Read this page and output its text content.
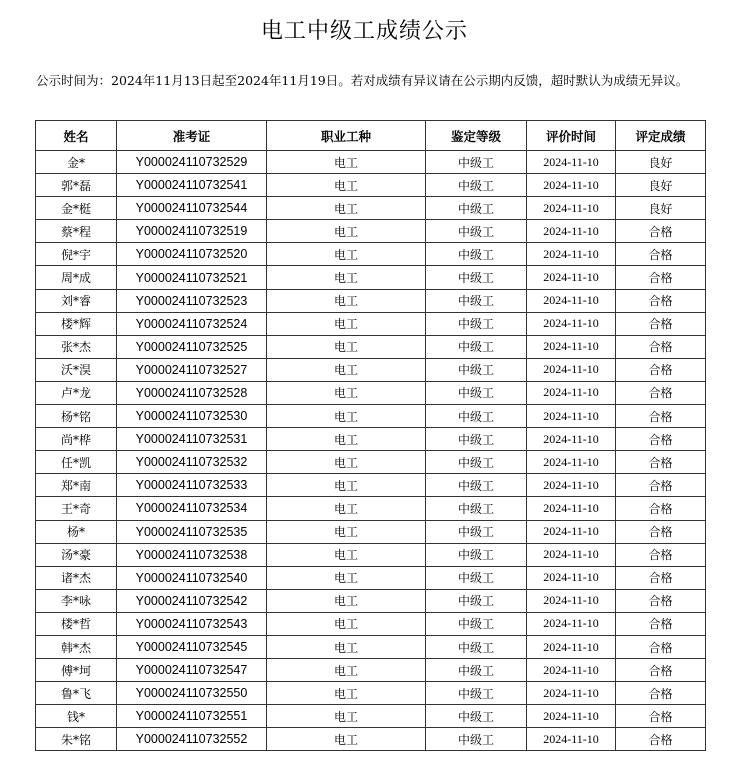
电工中级工成绩公示
公示时间为：2024年11月13日起至2024年11月19日。若对成绩有异议请在公示期内反馈，超时默认为成绩无异议。
姓名	准考证	职业工种	鉴定等级	评价时间	评定成绩
金*	Y000024110732529	电工	中级工	2024-11-10	良好
郭*磊	Y000024110732541	电工	中级工	2024-11-10	良好
金*梃	Y000024110732544	电工	中级工	2024-11-10	良好
蔡*程	Y000024110732519	电工	中级工	2024-11-10	合格
倪*宇	Y000024110732520	电工	中级工	2024-11-10	合格
周*成	Y000024110732521	电工	中级工	2024-11-10	合格
刘*睿	Y000024110732523	电工	中级工	2024-11-10	合格
楼*辉	Y000024110732524	电工	中级工	2024-11-10	合格
张*杰	Y000024110732525	电工	中级工	2024-11-10	合格
沃*淏	Y000024110732527	电工	中级工	2024-11-10	合格
卢*龙	Y000024110732528	电工	中级工	2024-11-10	合格
杨*铭	Y000024110732530	电工	中级工	2024-11-10	合格
尚*桦	Y000024110732531	电工	中级工	2024-11-10	合格
任*凯	Y000024110732532	电工	中级工	2024-11-10	合格
郑*南	Y000024110732533	电工	中级工	2024-11-10	合格
王*奇	Y000024110732534	电工	中级工	2024-11-10	合格
杨*	Y000024110732535	电工	中级工	2024-11-10	合格
汤*豪	Y000024110732538	电工	中级工	2024-11-10	合格
诸*杰	Y000024110732540	电工	中级工	2024-11-10	合格
李*咏	Y000024110732542	电工	中级工	2024-11-10	合格
楼*哲	Y000024110732543	电工	中级工	2024-11-10	合格
韩*杰	Y000024110732545	电工	中级工	2024-11-10	合格
傅*坷	Y000024110732547	电工	中级工	2024-11-10	合格
鲁*飞	Y000024110732550	电工	中级工	2024-11-10	合格
钱*	Y000024110732551	电工	中级工	2024-11-10	合格
朱*铭	Y000024110732552	电工	中级工	2024-11-10	合格
